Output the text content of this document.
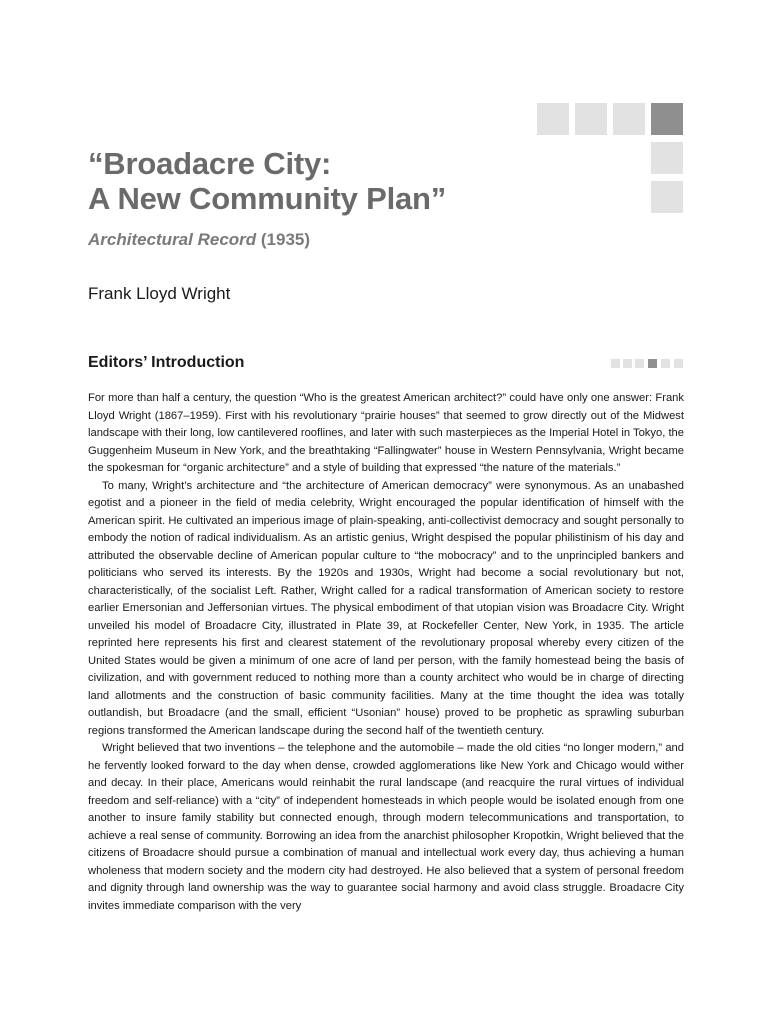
“Broadacre City:
A New Community Plan”
Architectural Record (1935)
Frank Lloyd Wright
Editors’ Introduction

For more than half a century, the question “Who is the greatest American architect?” could have only one answer: Frank Lloyd Wright (1867–1959). First with his revolutionary “prairie houses” that seemed to grow directly out of the Midwest landscape with their long, low cantilevered rooflines, and later with such masterpieces as the Imperial Hotel in Tokyo, the Guggenheim Museum in New York, and the breathtaking “Fallingwater” house in Western Pennsylvania, Wright became the spokesman for “organic architecture” and a style of building that expressed “the nature of the materials.”

To many, Wright’s architecture and “the architecture of American democracy” were synonymous. As an unabashed egotist and a pioneer in the field of media celebrity, Wright encouraged the popular identification of himself with the American spirit. He cultivated an imperious image of plain-speaking, anti-collectivist democracy and sought personally to embody the notion of radical individualism. As an artistic genius, Wright despised the popular philistinism of his day and attributed the observable decline of American popular culture to “the mobocracy” and to the unprincipled bankers and politicians who served its interests. By the 1920s and 1930s, Wright had become a social revolutionary but not, characteristically, of the socialist Left. Rather, Wright called for a radical transformation of American society to restore earlier Emersonian and Jeffersonian virtues. The physical embodiment of that utopian vision was Broadacre City. Wright unveiled his model of Broadacre City, illustrated in Plate 39, at Rockefeller Center, New York, in 1935. The article reprinted here represents his first and clearest statement of the revolutionary proposal whereby every citizen of the United States would be given a minimum of one acre of land per person, with the family homestead being the basis of civilization, and with government reduced to nothing more than a county architect who would be in charge of directing land allotments and the construction of basic community facilities. Many at the time thought the idea was totally outlandish, but Broadacre (and the small, efficient “Usonian” house) proved to be prophetic as sprawling suburban regions transformed the American landscape during the second half of the twentieth century.

Wright believed that two inventions – the telephone and the automobile – made the old cities “no longer modern,” and he fervently looked forward to the day when dense, crowded agglomerations like New York and Chicago would wither and decay. In their place, Americans would reinhabit the rural landscape (and reacquire the rural virtues of individual freedom and self-reliance) with a “city” of independent homesteads in which people would be isolated enough from one another to insure family stability but connected enough, through modern telecommunications and transportation, to achieve a real sense of community. Borrowing an idea from the anarchist philosopher Kropotkin, Wright believed that the citizens of Broadacre should pursue a combination of manual and intellectual work every day, thus achieving a human wholeness that modern society and the modern city had destroyed. He also believed that a system of personal freedom and dignity through land ownership was the way to guarantee social harmony and avoid class struggle. Broadacre City invites immediate comparison with the very
